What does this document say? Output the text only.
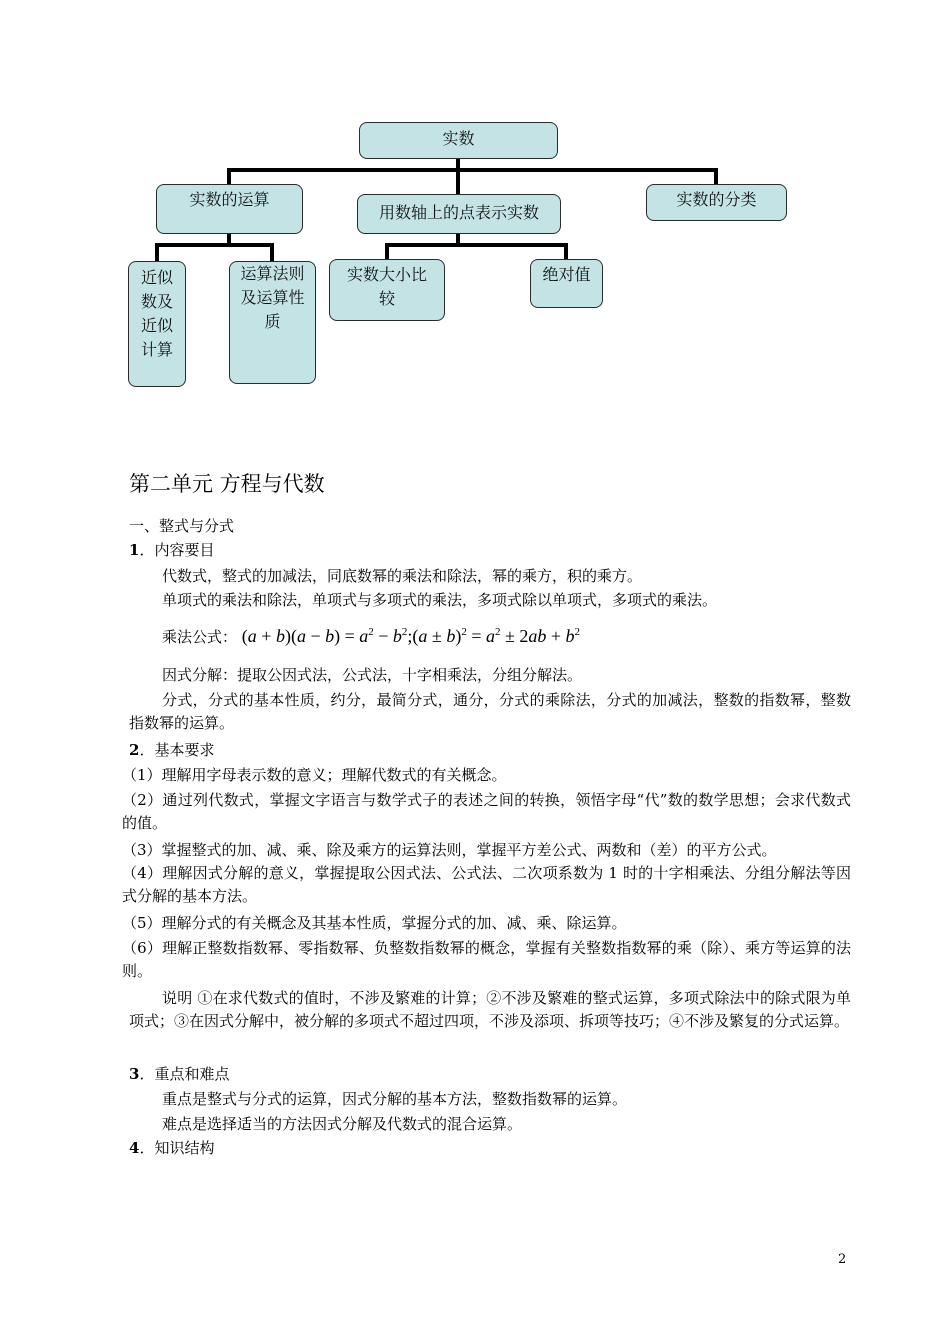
实数
实数的运算
用数轴上的点表示实数
实数的分类
近似
数及
近似
计算
运算法则
及运算性
质
实数大小比
较
绝对值
第二单元 方程与代数
一、整式与分式
1．内容要目
代数式，整式的加减法，同底数幂的乘法和除法，幂的乘方，积的乘方。
单项式的乘法和除法，单项式与多项式的乘法，多项式除以单项式，多项式的乘法。
乘法公式： $(a + b)(a - b) = a^2$ − $b^2;(a \pm b)^2 = a^2 \pm 2ab + b^2$
因式分解：提取公因式法，公式法，十字相乘法，分组分解法。
分式，分式的基本性质，约分，最简分式，通分，分式的乘除法，分式的加减法，整数的指数幂，整数指数幂的运算。
2．基本要求
（1）理解用字母表示数的意义；理解代数式的有关概念。
（2）通过列代数式，掌握文字语言与数学式子的表述之间的转换，领悟字母“代”数的数学思想；会求代数式的值。
（3）掌握整式的加、减、乘、除及乘方的运算法则，掌握平方差公式、两数和（差）的平方公式。
（4）理解因式分解的意义，掌握提取公因式法、公式法、二次项系数为 1 时的十字相乘法、分组分解法等因式分解的基本方法。
（5）理解分式的有关概念及其基本性质，掌握分式的加、减、乘、除运算。
（6）理解正整数指数幂、零指数幂、负整数指数幂的概念，掌握有关整数指数幂的乘（除）、乘方等运算的法则。
说明 ①在求代数式的值时，不涉及繁难的计算；②不涉及繁难的整式运算，多项式除法中的除式限为单项式；③在因式分解中，被分解的多项式不超过四项，不涉及添项、拆项等技巧；④不涉及繁复的分式运算。
3．重点和难点
重点是整式与分式的运算，因式分解的基本方法，整数指数幂的运算。
难点是选择适当的方法因式分解及代数式的混合运算。
4．知识结构
2
